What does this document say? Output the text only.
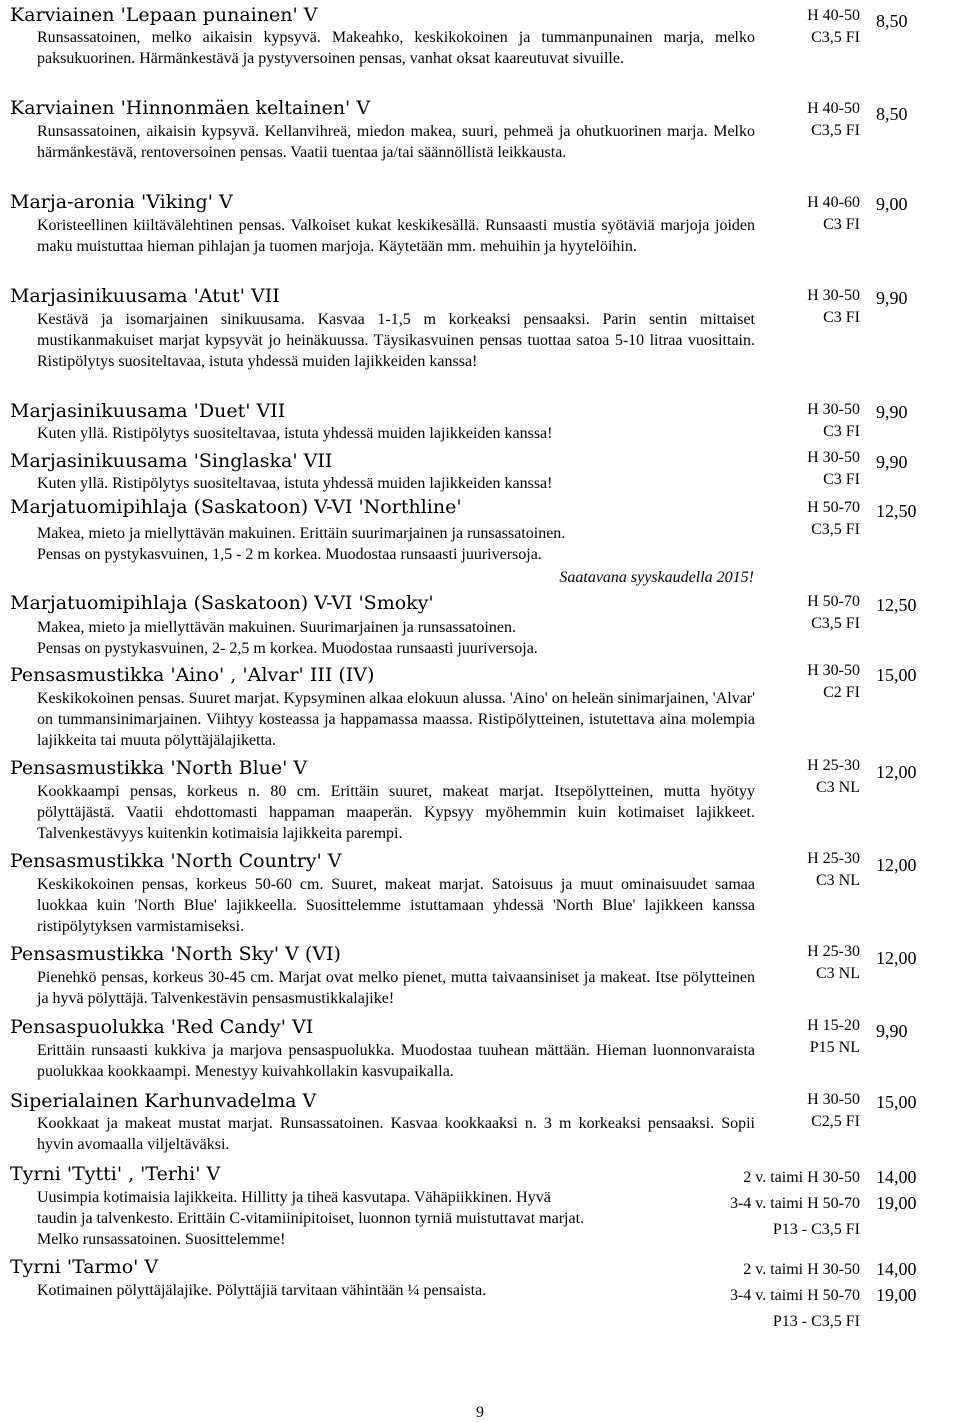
Karviainen 'Lepaan punainen' V

Runsassatoinen, melko aikaisin kypsyvä. Makeahko, keskikokoinen ja tummanpunainen marja, melko paksukuorinen. Härmänkestävä ja pystyversoinen pensas, vanhat oksat kaareutuvat sivuille.

H 40-50
C3,5 FI
8,50
Karviainen 'Hinnonmäen keltainen' V

Runsassatoinen, aikaisin kypsyvä. Kellanvihreä, miedon makea, suuri, pehmeä ja ohutkuorinen marja. Melko härmänkestävä, rentoversoinen pensas. Vaatii tuentaa ja/tai säännöllistä leikkausta.

H 40-50
C3,5 FI
8,50
Marja-aronia 'Viking' V

Koristeellinen kiiltävälehtinen pensas. Valkoiset kukat keskikesällä. Runsaasti mustia syötäviä marjoja joiden maku muistuttaa hieman pihlajan ja tuomen marjoja. Käytetään mm. mehuihin ja hyytelöihin.

H 40-60
C3 FI
9,00
Marjasinikuusama 'Atut' VII

Kestävä ja isomarjainen sinikuusama. Kasvaa 1-1,5 m korkeaksi pensaaksi. Parin sentin mittaiset mustikanmakuiset marjat kypsyvät jo heinäkuussa. Täysikasvuinen pensas tuottaa satoa 5-10 litraa vuosittain. Ristipölytys suositeltavaa, istuta yhdessä muiden lajikkeiden kanssa!

H 30-50
C3 FI
9,90
Marjasinikuusama 'Duet' VII

Kuten yllä. Ristipölytys suositeltavaa, istuta yhdessä muiden lajikkeiden kanssa!

H 30-50
C3 FI
9,90
Marjasinikuusama 'Singlaska' VII

Kuten yllä. Ristipölytys suositeltavaa, istuta yhdessä muiden lajikkeiden kanssa!

H 30-50
C3 FI
9,90
Marjatuomipihlaja (Saskatoon) V-VI 'Northline'

Makea, mieto ja miellyttävän makuinen. Erittäin suurimarjainen ja runsassatoinen.
Pensas on pystykasvuinen, 1,5 - 2 m korkea. Muodostaa runsaasti juuriversoja.

Saatavana syyskaudella 2015!
H 50-70
C3,5 FI
12,50
Marjatuomipihlaja (Saskatoon) V-VI 'Smoky'

Makea, mieto ja miellyttävän makuinen. Suurimarjainen ja runsassatoinen.
Pensas on pystykasvuinen, 2- 2,5 m korkea. Muodostaa runsaasti juuriversoja.

H 50-70
C3,5 FI
12,50
Pensasmustikka 'Aino' , 'Alvar' III (IV)

Keskikokoinen pensas. Suuret marjat. Kypsyminen alkaa elokuun alussa. 'Aino' on heleän sinimarjainen, 'Alvar' on tummansinimarjainen. Viihtyy kosteassa ja happamassa maassa. Ristipölytteinen, istutettava aina molempia lajikkeita tai muuta pölyttäjälajiketta.

H 30-50
C2 FI
15,00
Pensasmustikka 'North Blue' V

Kookkaampi pensas, korkeus n. 80 cm. Erittäin suuret, makeat marjat. Itsepölytteinen, mutta hyötyy pölyttäjästä. Vaatii ehdottomasti happaman maaperän. Kypsyy myöhemmin kuin kotimaiset lajikkeet. Talvenkestävyys kuitenkin kotimaisia lajikkeita parempi.

H 25-30
C3 NL
12,00
Pensasmustikka 'North Country' V

Keskikokoinen pensas, korkeus 50-60 cm. Suuret, makeat marjat. Satoisuus ja muut ominaisuudet samaa luokkaa kuin 'North Blue' lajikkeella. Suosittelemme istuttamaan yhdessä 'North Blue' lajikkeen kanssa ristipölytyksen varmistamiseksi.

H 25-30
C3 NL
12,00
Pensasmustikka 'North Sky' V (VI)

Pienehkö pensas, korkeus 30-45 cm. Marjat ovat melko pienet, mutta taivaansiniset ja makeat. Itse pölytteinen ja hyvä pölyttäjä. Talvenkestävin pensasmustikkalajike!

H 25-30
C3 NL
12,00
Pensaspuolukka 'Red Candy' VI

Erittäin runsaasti kukkiva ja marjova pensaspuolukka. Muodostaa tuuhean mättään. Hieman luonnonvaraista puolukkaa kookkaampi. Menestyy kuivahkollakin kasvupaikalla.

H 15-20
P15 NL
9,90
Siperialainen Karhunvadelma V

Kookkaat ja makeat mustat marjat. Runsassatoinen. Kasvaa kookkaaksi n. 3 m korkeaksi pensaaksi. Sopii hyvin avomaalla viljeltäväksi.

H 30-50
C2,5 FI
15,00
Tyrni 'Tytti' , 'Terhi' V

Uusimpia kotimaisia lajikkeita. Hillitty ja tiheä kasvutapa. Vähäpiikkinen. Hyvä
taudin ja talvenkesto. Erittäin C-vitamiinipitoiset, luonnon tyrniä muistuttavat marjat.
Melko runsassatoinen. Suosittelemme!

2 v. taimi H 30-50
3-4 v. taimi H 50-70
P13 - C3,5 FI
14,00
19,00
Tyrni 'Tarmo' V

Kotimainen pölyttäjälajike. Pölyttäjiä tarvitaan vähintään ¼ pensaista.

2 v. taimi H 30-50
3-4 v. taimi H 50-70
P13 - C3,5 FI
14,00
19,00
9
